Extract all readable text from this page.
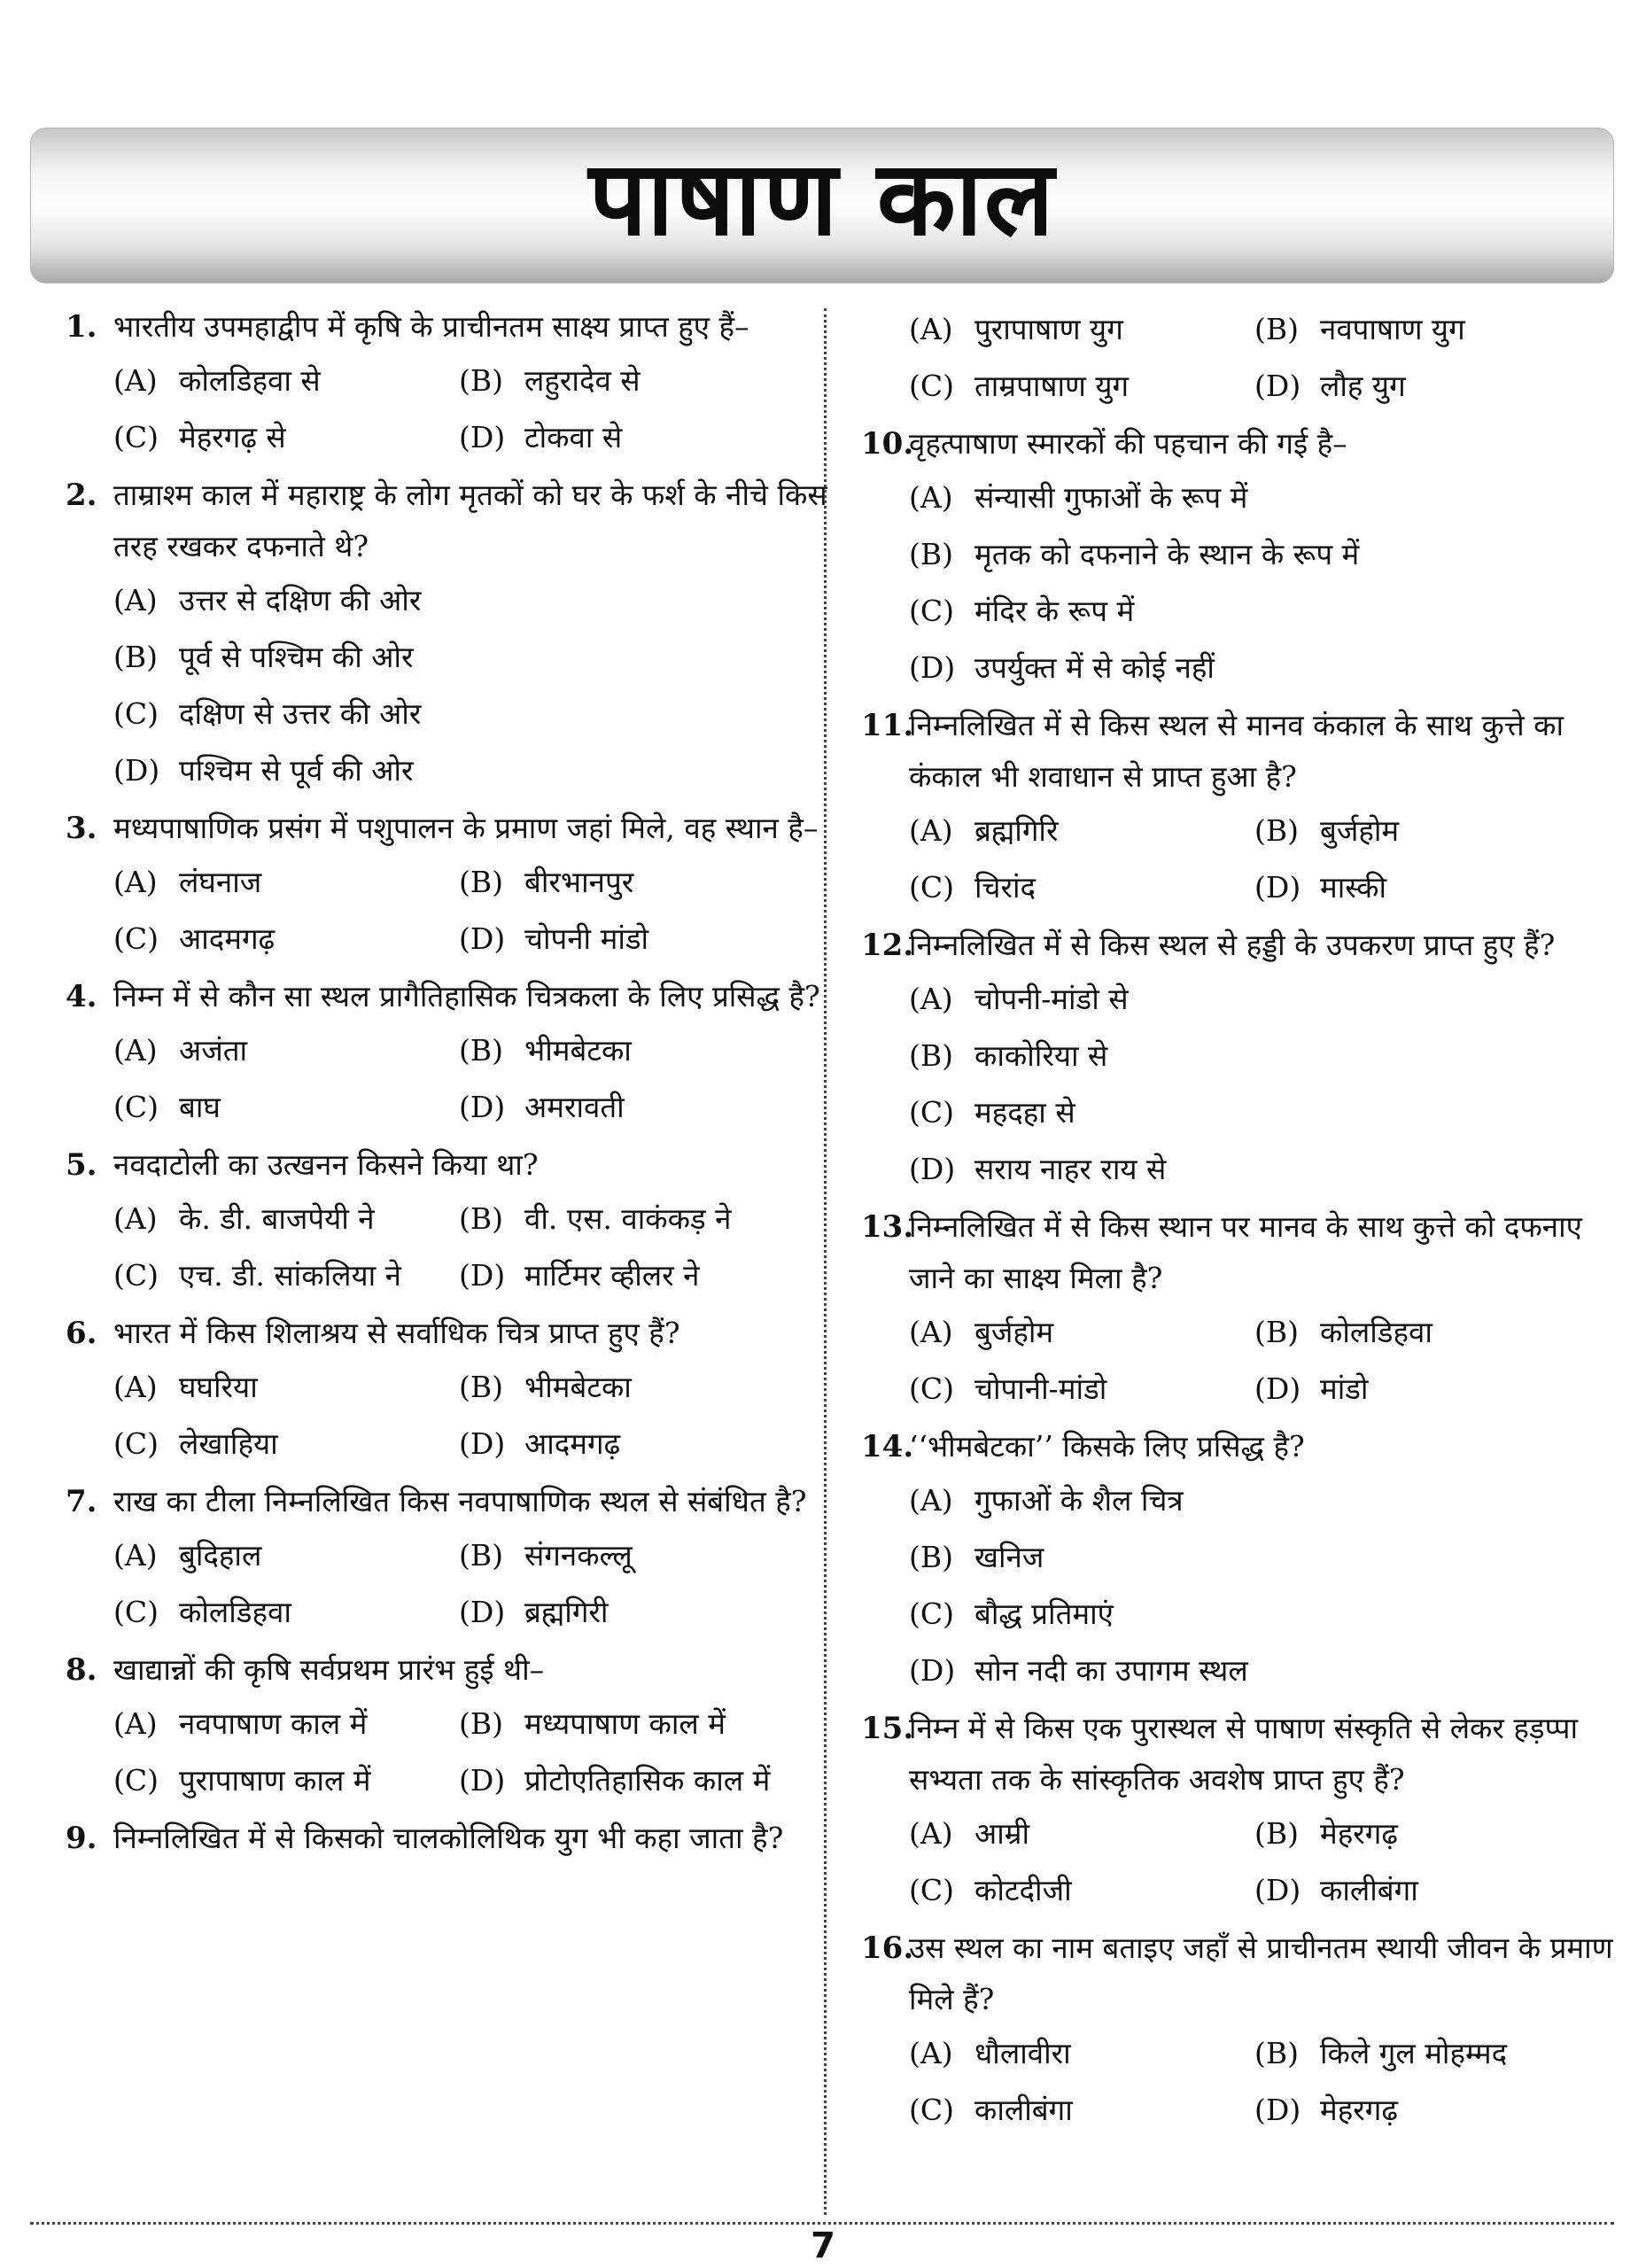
पाषाण काल
1. भारतीय उपमहाद्वीप में कृषि के प्राचीनतम साक्ष्य प्राप्त हुए हैं–
(A) कोलडिहवा से	(B) लहुरादेव से
(C) मेहरगढ़ से	(D) टोकवा से
2. ताम्राश्म काल में महाराष्ट्र के लोग मृतकों को घर के फर्श के नीचे किस तरह रखकर दफनाते थे?
(A) उत्तर से दक्षिण की ओर
(B) पूर्व से पश्चिम की ओर
(C) दक्षिण से उत्तर की ओर
(D) पश्चिम से पूर्व की ओर
3. मध्यपाषाणिक प्रसंग में पशुपालन के प्रमाण जहां मिले, वह स्थान है–
(A) लंघनाज	(B) बीरभानपुर
(C) आदमगढ़	(D) चोपनी मांडो
4. निम्न में से कौन सा स्थल प्रागैतिहासिक चित्रकला के लिए प्रसिद्ध है?
(A) अजंता	(B) भीमबेटका
(C) बाघ	(D) अमरावती
5. नवदाटोली का उत्खनन किसने किया था?
(A) के. डी. बाजपेयी ने	(B) वी. एस. वाकंकड़ ने
(C) एच. डी. सांकलिया ने (D) मार्टिमर व्हीलर ने
6. भारत में किस शिलाश्रय से सर्वाधिक चित्र प्राप्त हुए हैं?
(A) घघरिया	(B) भीमबेटका
(C) लेखाहिया	(D) आदमगढ़
7. राख का टीला निम्नलिखित किस नवपाषाणिक स्थल से संबंधित है?
(A) बुदिहाल	(B) संगनकल्लू
(C) कोलडिहवा	(D) ब्रह्मगिरी
8. खाद्यान्नों की कृषि सर्वप्रथम प्रारंभ हुई थी–
(A) नवपाषाण काल में	(B) मध्यपाषाण काल में
(C) पुरापाषाण काल में	(D) प्रोटोएतिहासिक काल में
9. निम्नलिखित में से किसको चालकोलिथिक युग भी कहा जाता है?
(A) पुरापाषाण युग	(B) नवपाषाण युग
(C) ताम्रपाषाण युग	(D) लौह युग
10.
वृहत्पाषाण स्मारकों की पहचान की गई है–
(A) संन्यासी गुफाओं के रूप में
(B) मृतक को दफनाने के स्थान के रूप में
(C) मंदिर के रूप में
(D) उपर्युक्त में से कोई नहीं
11.
निम्नलिखित में से किस स्थल से मानव कंकाल के साथ कुत्ते का कंकाल भी शवाधान से प्राप्त हुआ है?
(A) ब्रह्मगिरि	(B) बुर्जहोम
(C) चिरांद	(D) मास्की
12.
निम्नलिखित में से किस स्थल से हड्डी के उपकरण प्राप्त हुए हैं?
(A) चोपनी-मांडो से
(B) काकोरिया से
(C) महदहा से
(D) सराय नाहर राय से
13.
निम्नलिखित में से किस स्थान पर मानव के साथ कुत्ते को दफनाए जाने का साक्ष्य मिला है?
(A) बुर्जहोम	(B) कोलडिहवा
(C) चोपानी-मांडो	(D) मांडो
14.
‘‘भीमबेटका’’ किसके लिए प्रसिद्ध है?
(A) गुफाओं के शैल चित्र
(B) खनिज
(C) बौद्ध प्रतिमाएं
(D) सोन नदी का उपागम स्थल
15.
निम्न में से किस एक पुरास्थल से पाषाण संस्कृति से लेकर हड़प्पा सभ्यता तक के सांस्कृतिक अवशेष प्राप्त हुए हैं?
(A) आम्री	(B) मेहरगढ़
(C) कोटदीजी	(D) कालीबंगा
16.
उस स्थल का नाम बताइए जहाँ से प्राचीनतम स्थायी जीवन के प्रमाण मिले हैं?
(A) धौलावीरा	(B) किले गुल मोहम्मद
(C) कालीबंगा	(D) मेहरगढ़
7
